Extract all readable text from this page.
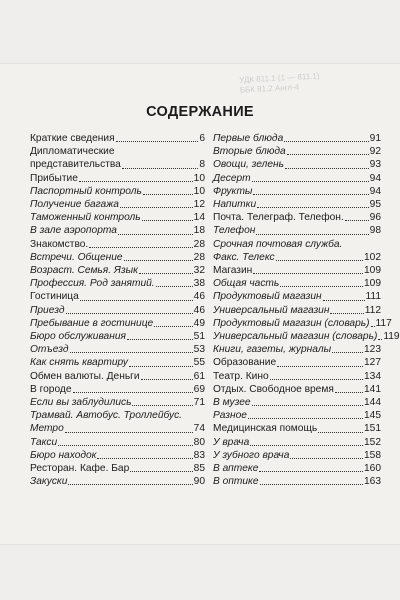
УДК 811.1 (1 — 811.1)
ББК 81.2 Англ-4
СОДЕРЖАНИЕ
Краткие сведения	6
Дипломатические
представительства	8
Прибытие	10
Паспортный контроль	10
Получение багажа	12
Таможенный контроль	14
В зале аэропорта	18
Знакомство.	28
Встречи. Общение	28
Возраст. Семья. Язык	32
Профессия. Род занятий.	38
Гостиница	46
Приезд	46
Пребывание в гостинице	49
Бюро обслуживания	51
Отъезд	53
Как снять квартиру	55
Обмен валюты. Деньги	61
В городе	69
Если вы заблудились	71
Трамвай. Автобус. Троллейбус.
Метро	74
Такси	80
Бюро находок	83
Ресторан. Кафе. Бар	85
Закуски	90
Первые блюда	91
Вторые блюда	92
Овощи, зелень	93
Десерт	94
Фрукты	94
Напитки	95
Почта. Телеграф. Телефон.	96
Телефон	98
Срочная почтовая служба.
Факс. Телекс	102
Магазин	109
Общая часть	109
Продуктовый магазин	111
Универсальный магазин	112
Продуктовый магазин (словарь) 117
Универсальный магазин (словарь) 119
Книги, газеты, журналы	123
Образование	127
Театр. Кино	134
Отдых. Свободное время	141
В музее	144
Разное	145
Медицинская помощь	151
У врача	152
У зубного врача	158
В аптеке	160
В оптике	163
